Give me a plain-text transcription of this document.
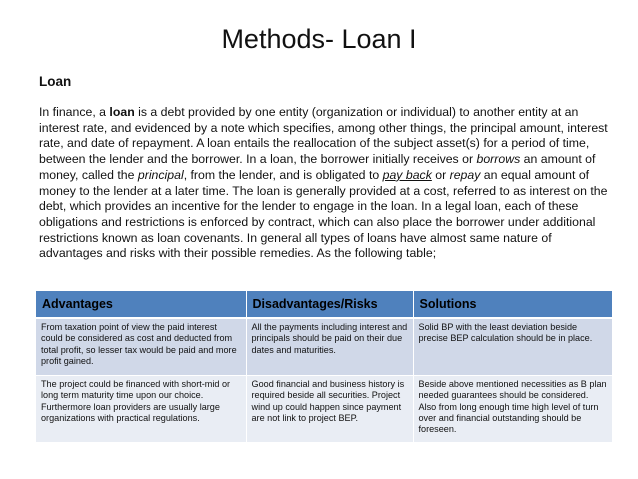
Methods- Loan I
Loan
In finance, a loan is a debt provided by one entity (organization or individual) to another entity at an interest rate, and evidenced by a note which specifies, among other things, the principal amount, interest rate, and date of repayment. A loan entails the reallocation of the subject asset(s) for a period of time, between the lender and the borrower. In a loan, the borrower initially receives or borrows an amount of money, called the principal, from the lender, and is obligated to pay back or repay an equal amount of money to the lender at a later time. The loan is generally provided at a cost, referred to as interest on the debt, which provides an incentive for the lender to engage in the loan. In a legal loan, each of these obligations and restrictions is enforced by contract, which can also place the borrower under additional restrictions known as loan covenants. In general all types of loans have almost same nature of advantages and risks with their possible remedies. As the following table;
Advantages	Disadvantages/Risks	Solutions
From taxation point of view the paid interest could be considered as cost and deducted from total profit, so lesser tax would be paid and more profit gained.	All the payments including interest and principals should be paid on their due dates and maturities.	Solid BP with the least deviation beside precise BEP calculation should be in place.
The project could be financed with short-mid or long term maturity time upon our choice. Furthermore loan providers are usually large organizations with practical regulations.	Good financial and business history is required beside all securities. Project wind up could happen since payment are not link to project BEP.	Beside above mentioned necessities as B plan needed guarantees should be considered. Also from long enough time high level of turn over and financial outstanding should be foreseen.
